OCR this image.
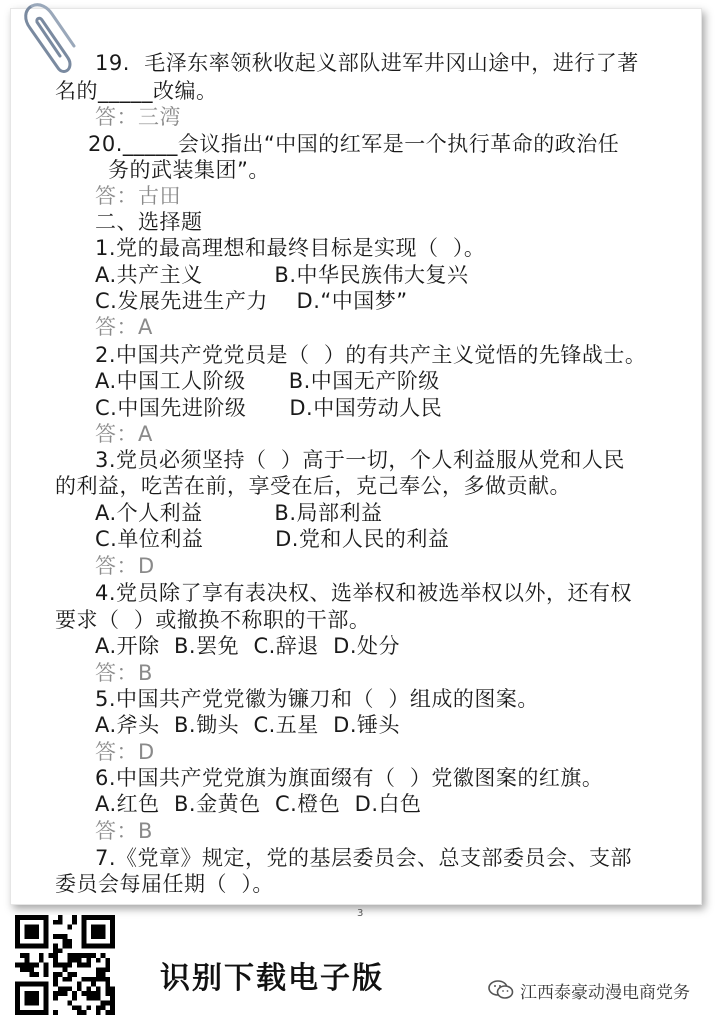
19.  毛泽东率领秋收起义部队进军井冈山途中，进行了著
名的_____改编。
答：三湾
20._____会议指出“中国的红军是一个执行革命的政治任
务的武装集团”。
答：古田
二、选择题
1.党的最高理想和最终目标是实现（  ）。
A.共产主义          B.中华民族伟大复兴
C.发展先进生产力    D.“中国梦”
答：A
2.中国共产党党员是（  ）的有共产主义觉悟的先锋战士。
A.中国工人阶级      B.中国无产阶级
C.中国先进阶级      D.中国劳动人民
答：A
3.党员必须坚持（  ）高于一切，个人利益服从党和人民
的利益，吃苦在前，享受在后，克己奉公，多做贡献。
A.个人利益          B.局部利益
C.单位利益          D.党和人民的利益
答：D
4.党员除了享有表决权、选举权和被选举权以外，还有权
要求（  ）或撤换不称职的干部。
A.开除  B.罢免  C.辞退  D.处分
答：B
5.中国共产党党徽为镰刀和（  ）组成的图案。
A.斧头  B.锄头  C.五星  D.锤头
答：D
6.中国共产党党旗为旗面缀有（  ）党徽图案的红旗。
A.红色  B.金黄色  C.橙色  D.白色
答：B
7.《党章》规定，党的基层委员会、总支部委员会、支部
委员会每届任期（  ）。
3
识别下载电子版	江西泰豪动漫电商党务
